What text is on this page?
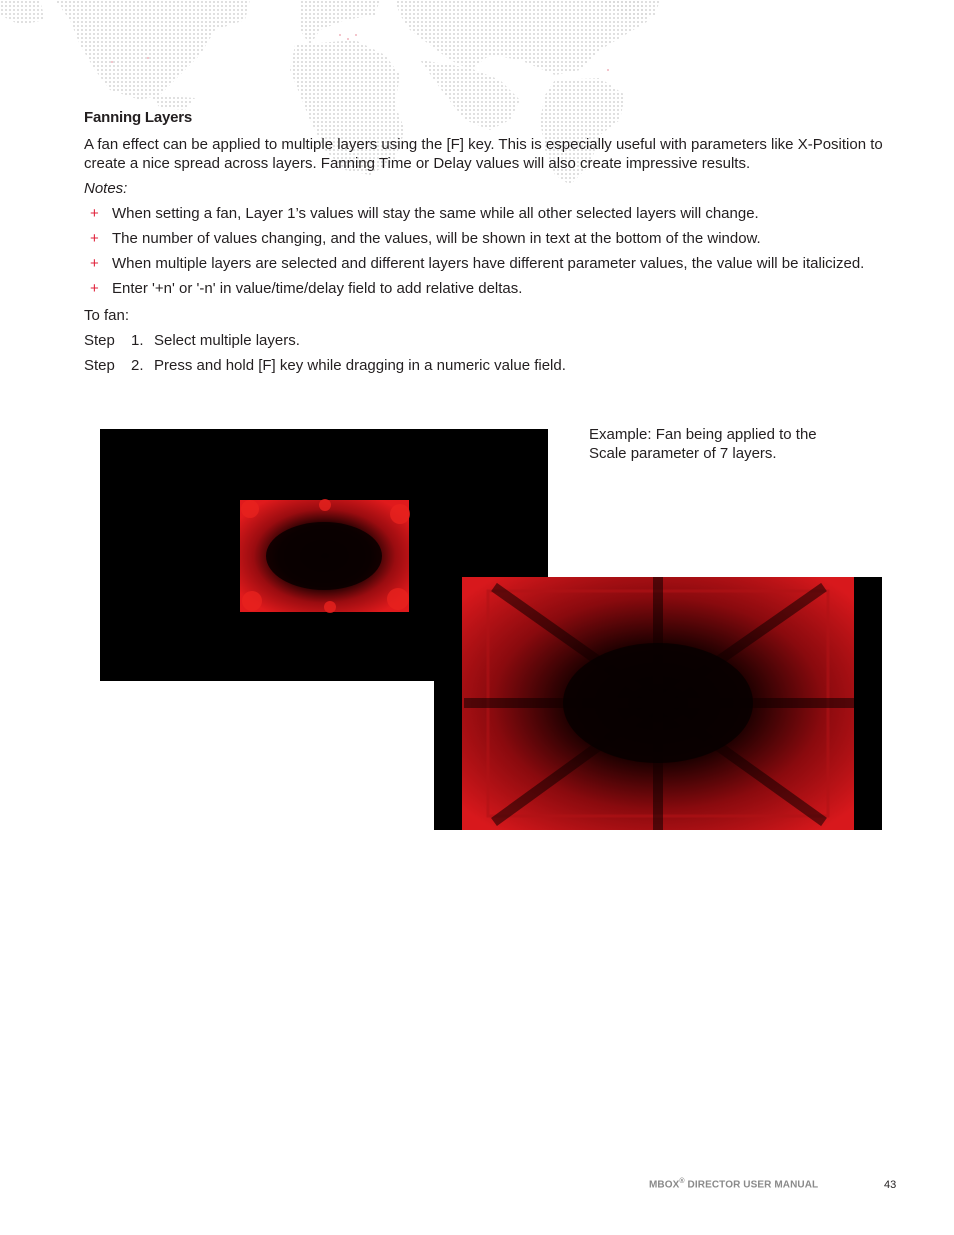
Fanning Layers

A fan effect can be applied to multiple layers using the [F] key. This is especially useful with parameters like X-Position to create a nice spread across layers. Fanning Time or Delay values will also create impressive results.

Notes:
+ When setting a fan, Layer 1’s values will stay the same while all other selected layers will change.
+ The number of values changing, and the values, will be shown in text at the bottom of the window.
+ When multiple layers are selected and different layers have different parameter values, the value will be italicized.
+ Enter '+n' or '-n' in value/time/delay field to add relative deltas.
To fan:
Step	1. Select multiple layers.
Step	2. Press and hold [F] key while dragging in a numeric value field.
Example: Fan being applied to the Scale parameter of 7 layers.
MBOX® DIRECTOR USER MANUAL	43
